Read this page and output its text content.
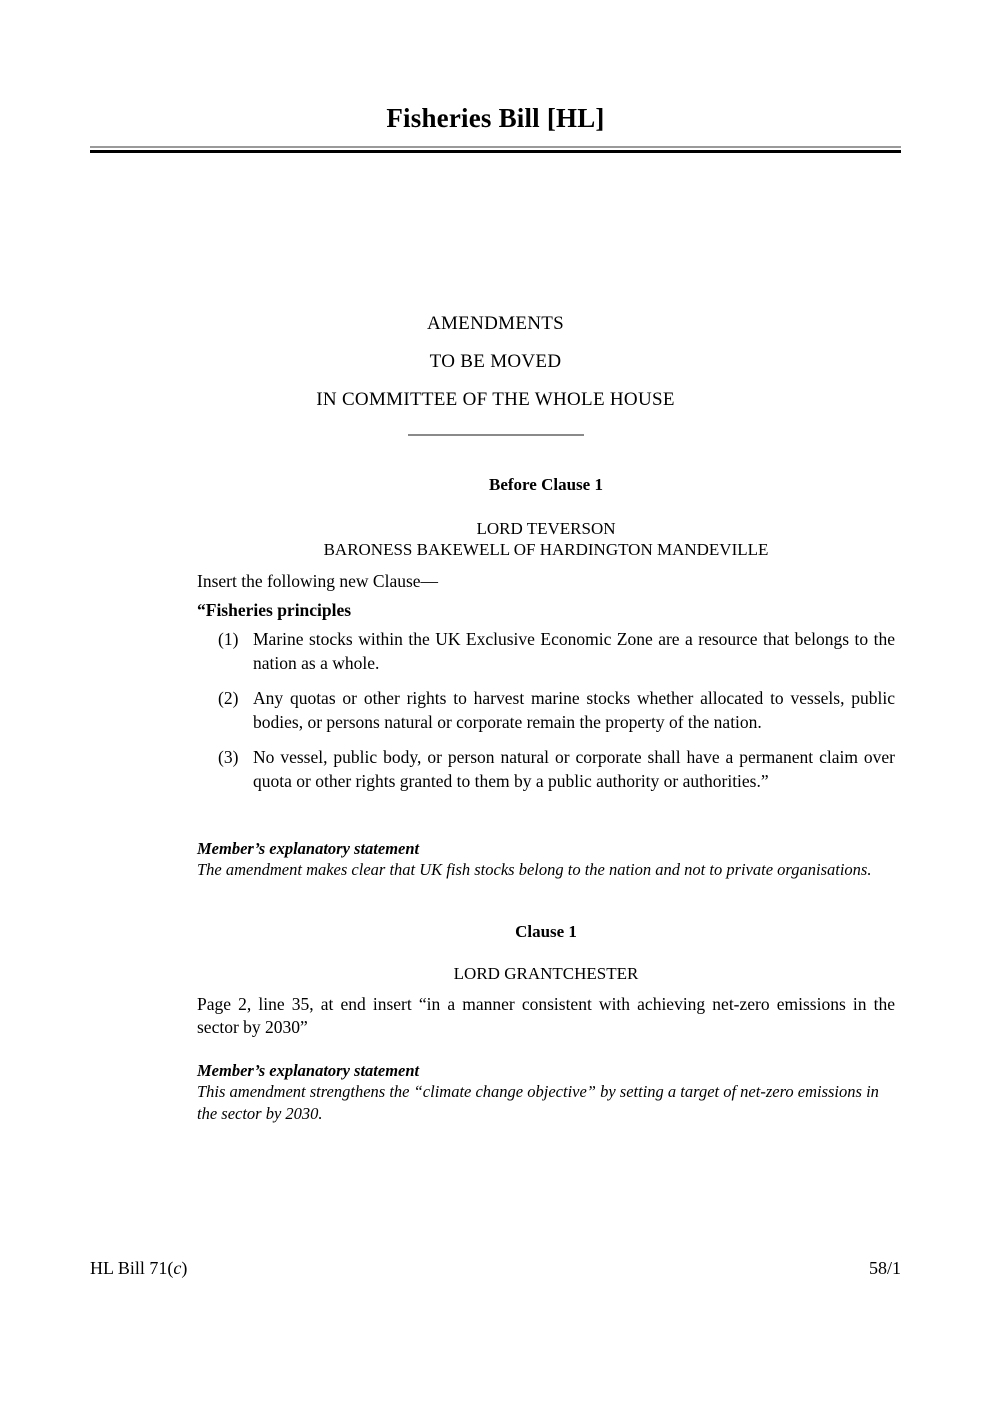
Fisheries Bill [HL]
AMENDMENTS
TO BE MOVED
IN COMMITTEE OF THE WHOLE HOUSE
Before Clause 1
LORD TEVERSON
BARONESS BAKEWELL OF HARDINGTON MANDEVILLE
Insert the following new Clause—
“Fisheries principles
(1) Marine stocks within the UK Exclusive Economic Zone are a resource that belongs to the nation as a whole.
(2) Any quotas or other rights to harvest marine stocks whether allocated to vessels, public bodies, or persons natural or corporate remain the property of the nation.
(3) No vessel, public body, or person natural or corporate shall have a permanent claim over quota or other rights granted to them by a public authority or authorities.”
Member’s explanatory statement
The amendment makes clear that UK fish stocks belong to the nation and not to private organisations.
Clause 1
LORD GRANTCHESTER
Page 2, line 35, at end insert “in a manner consistent with achieving net-zero emissions in the sector by 2030”
Member’s explanatory statement
This amendment strengthens the “climate change objective” by setting a target of net-zero emissions in the sector by 2030.
HL Bill 71(c)	58/1
